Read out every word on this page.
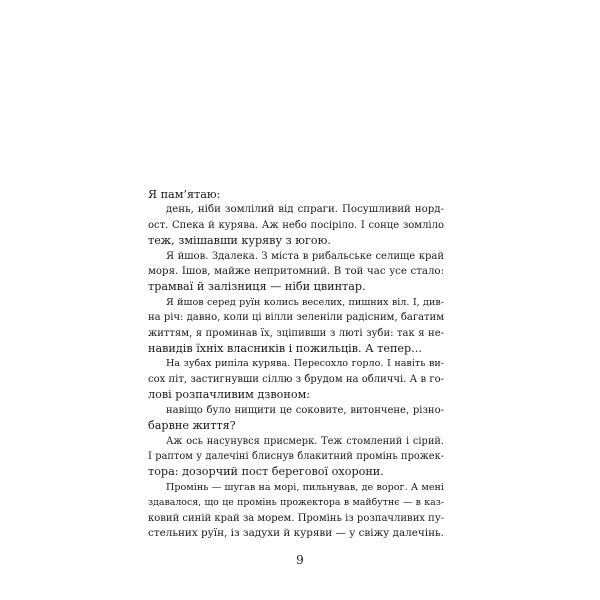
Я пам’ятаю:
день, ніби зомлілий від спраги. Посушливий норд-
ост. Спека й курява. Аж небо посіріло. І сонце зомліло
теж, змішавши куряву з югою.
Я йшов. Здалека. З міста в рибальське селище край
моря. Ішов, майже непритомний. В той час усе стало:
трамваї й залізниця — ніби цвинтар.
Я йшов серед руїн колись веселих, пишних віл. І, див-
на річ: давно, коли ці вілли зеленіли радісним, багатим
життям, я проминав їх, зціпивши з люті зуби: так я не-
навидів їхніх власників і пожильців. А тепер...
На зубах рипіла курява. Пересохло горло. І навіть ви-
сох піт, застигнувши сіллю з брудом на обличчі. А в го-
лові розпачливим дзвоном:
навіщо було нищити це соковите, витончене, різно-
барвне життя?
Аж ось насунувся присмерк. Теж стомлений і сірий.
І раптом у далечіні блиснув блакитний промінь прожек-
тора: дозорчий пост берегової охорони.
Промінь — шугав на морі, пильнував, де ворог. А мені
здавалося, що це промінь прожектора в майбутнє — в каз-
ковий синій край за морем. Промінь із розпачливих пу-
стельних руїн, із задухи й куряви — у свіжу далечінь.
9
